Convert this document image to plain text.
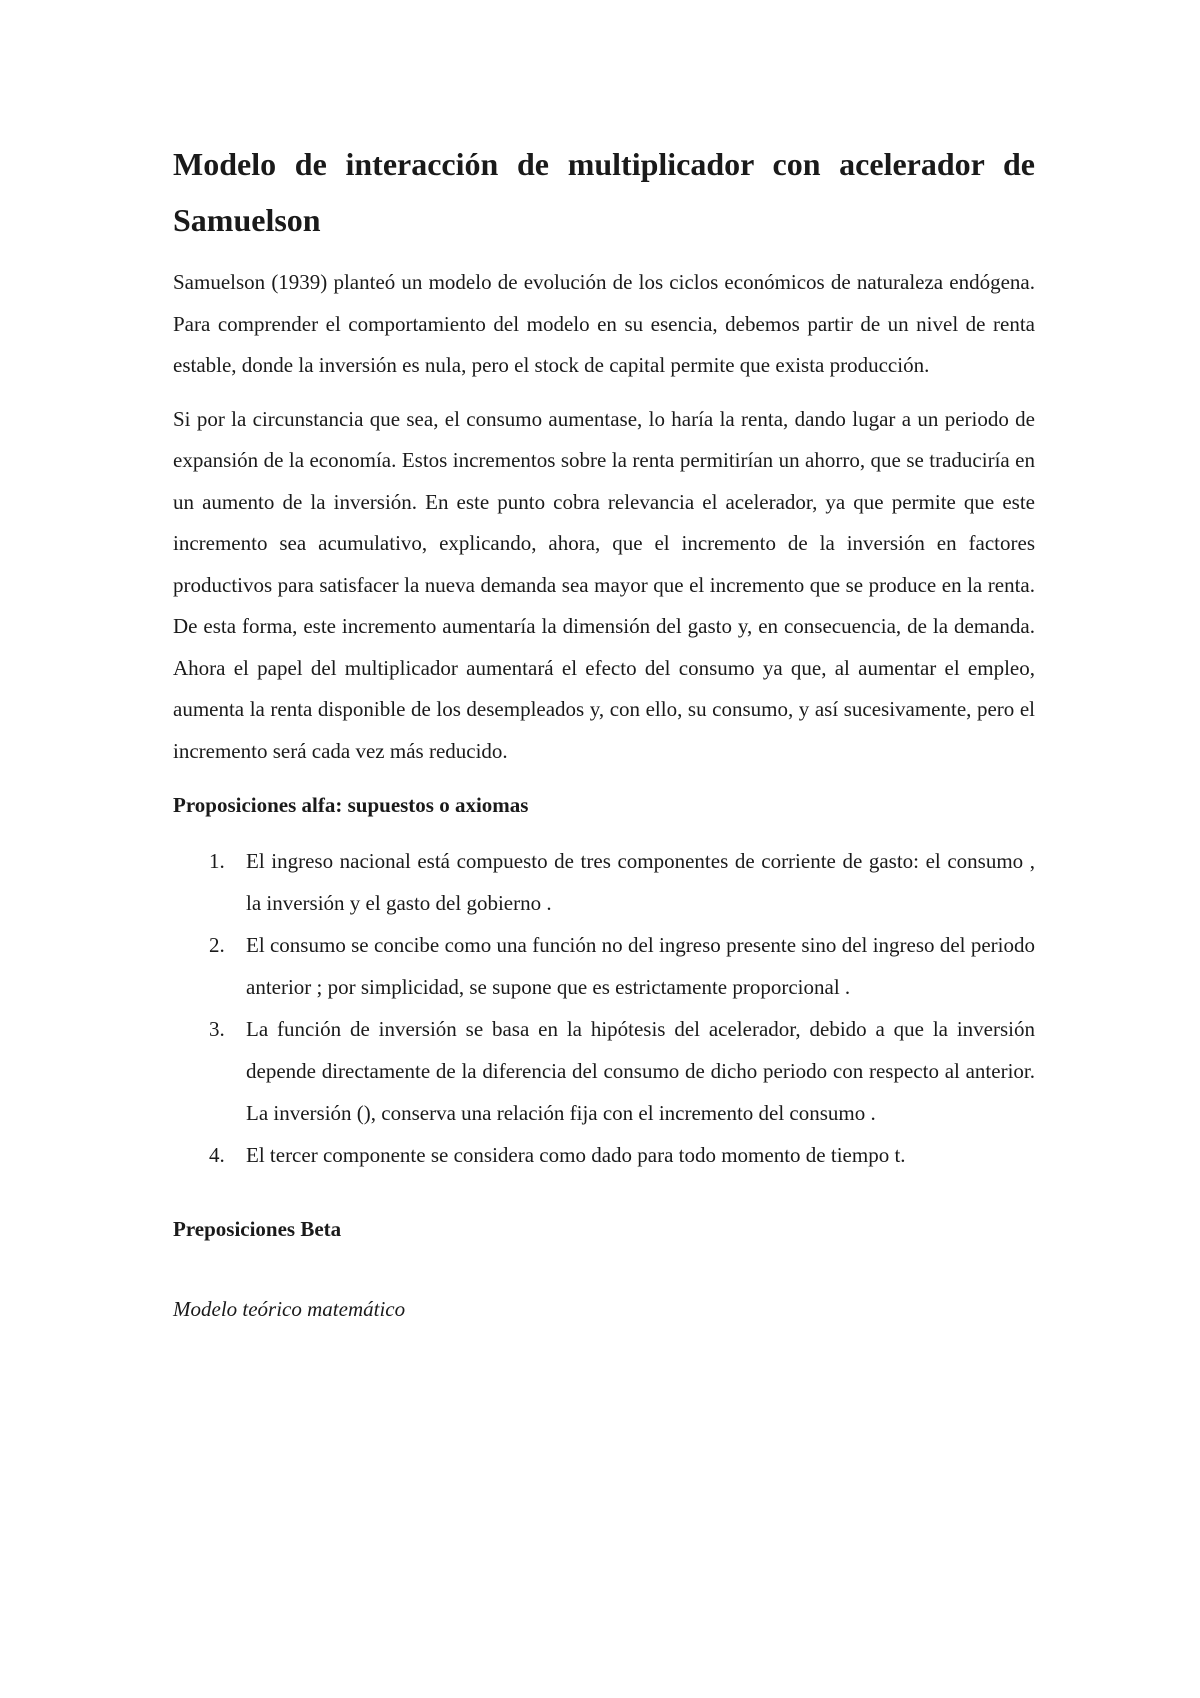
Modelo de interacción de multiplicador con acelerador de Samuelson

Samuelson (1939) planteó un modelo de evolución de los ciclos económicos de naturaleza endógena. Para comprender el comportamiento del modelo en su esencia, debemos partir de un nivel de renta estable, donde la inversión es nula, pero el stock de capital permite que exista producción.

Si por la circunstancia que sea, el consumo aumentase, lo haría la renta, dando lugar a un periodo de expansión de la economía. Estos incrementos sobre la renta permitirían un ahorro, que se traduciría en un aumento de la inversión. En este punto cobra relevancia el acelerador, ya que permite que este incremento sea acumulativo, explicando, ahora, que el incremento de la inversión en factores productivos para satisfacer la nueva demanda sea mayor que el incremento que se produce en la renta. De esta forma, este incremento aumentaría la dimensión del gasto y, en consecuencia, de la demanda. Ahora el papel del multiplicador aumentará el efecto del consumo ya que, al aumentar el empleo, aumenta la renta disponible de los desempleados y, con ello, su consumo, y así sucesivamente, pero el incremento será cada vez más reducido.

Proposiciones alfa: supuestos o axiomas
1. El ingreso nacional está compuesto de tres componentes de corriente de gasto: el consumo , la inversión y el gasto del gobierno .
2. El consumo se concibe como una función no del ingreso presente sino del ingreso del periodo anterior ; por simplicidad, se supone que es estrictamente proporcional .
3. La función de inversión se basa en la hipótesis del acelerador, debido a que la inversión depende directamente de la diferencia del consumo de dicho periodo con respecto al anterior. La inversión (), conserva una relación fija con el incremento del consumo .
4. El tercer componente se considera como dado para todo momento de tiempo t.
Preposiciones Beta
Modelo teórico matemático
